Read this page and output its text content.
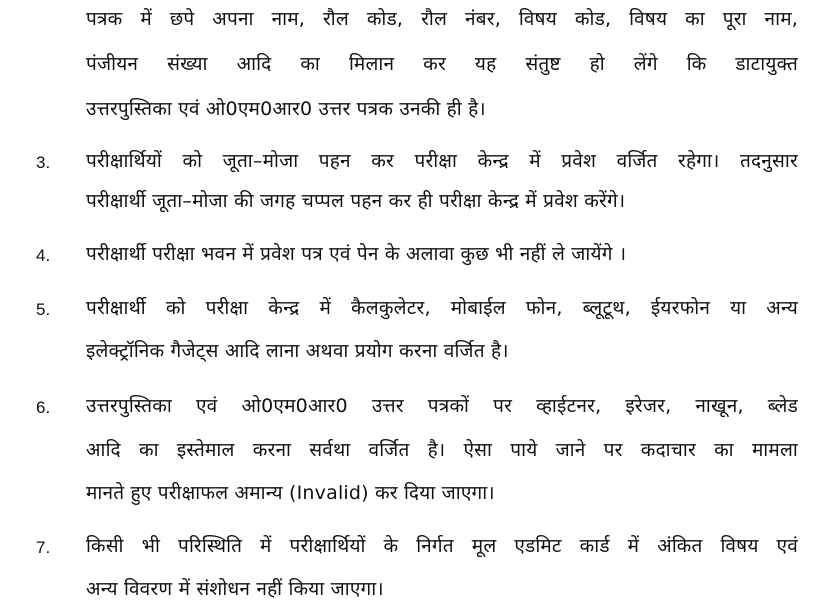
पत्रक में छपे अपना नाम, रौल कोड, रौल नंबर, विषय कोड, विषय का पूरा नाम,
पंजीयन संख्या आदि का मिलान कर यह संतुष्ट हो लेंगे कि डाटायुक्त
उत्तरपुस्तिका एवं ओ0एम0आर0 उत्तर पत्रक उनकी ही है।
3. परीक्षार्थियों को जूता–मोजा पहन कर परीक्षा केन्द्र में प्रवेश वर्जित रहेगा। तदनुसार
परीक्षार्थी जूता–मोजा की जगह चप्पल पहन कर ही परीक्षा केन्द्र में प्रवेश करेंगे।
4. परीक्षार्थी परीक्षा भवन में प्रवेश पत्र एवं पेन के अलावा कुछ भी नहीं ले जायेंगे ।
5. परीक्षार्थी को परीक्षा केन्द्र में कैलकुलेटर, मोबाईल फोन, ब्लूटूथ, ईयरफोन या अन्य
इलेक्ट्रॉनिक गैजेट्स आदि लाना अथवा प्रयोग करना वर्जित है।
6. उत्तरपुस्तिका एवं ओ0एम0आर0 उत्तर पत्रकों पर व्हाईटनर, इरेजर, नाखून, ब्लेड
आदि का इस्तेमाल करना सर्वथा वर्जित है। ऐसा पाये जाने पर कदाचार का मामला
मानते हुए परीक्षाफल अमान्य (Invalid) कर दिया जाएगा।
7. किसी भी परिस्थिति में परीक्षार्थियों के निर्गत मूल एडमिट कार्ड में अंकित विषय एवं
अन्य विवरण में संशोधन नहीं किया जाएगा।
